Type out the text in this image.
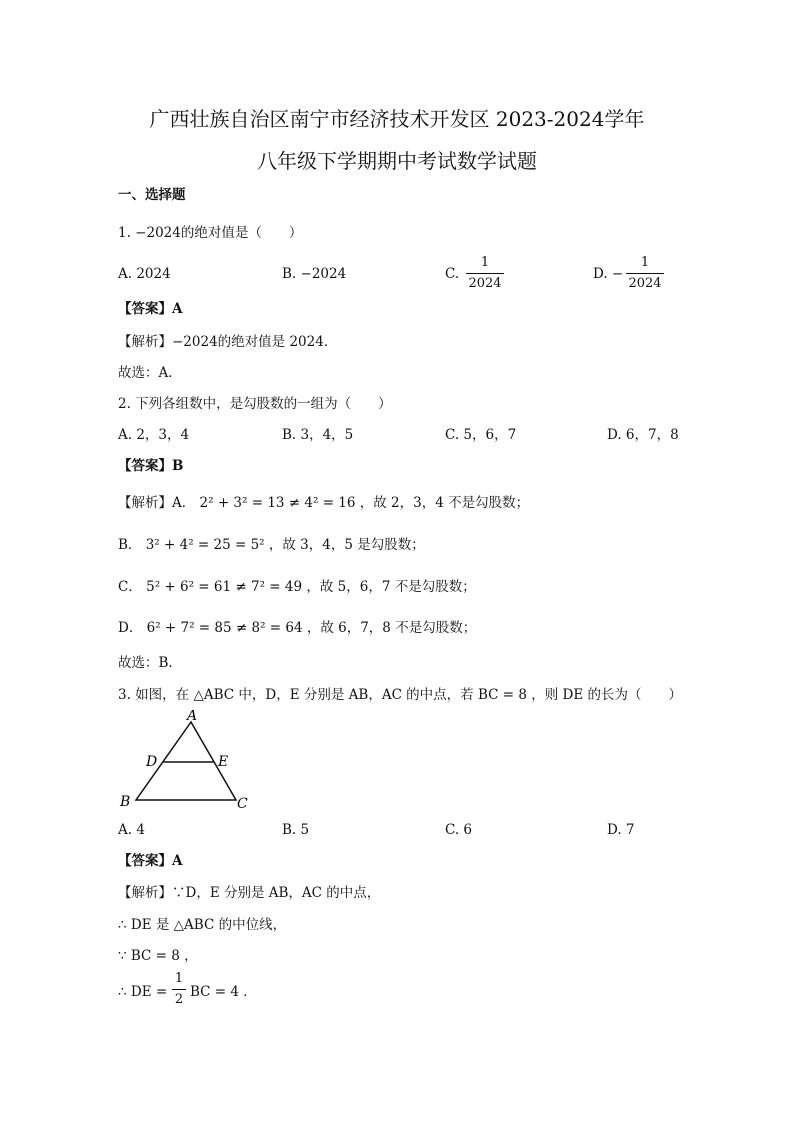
广西壮族自治区南宁市经济技术开发区 2023-2024学年
八年级下学期期中考试数学试题
一、选择题
1. −2024的绝对值是（　　）
A. 2024	B. −2024	C.
1
2024
D. −
1
2024
【答案】A
【解析】−2024的绝对值是 2024．
故选：A．
2. 下列各组数中，是勾股数的一组为（　　）
A. 2，3，4	B. 3，4，5	C. 5，6，7	D. 6，7，8
【答案】B
【解析】A． 2² + 3² = 13 ≠ 4² = 16 ，故 2，3，4 不是勾股数；
B． 3² + 4² = 25 = 5² ，故 3，4，5 是勾股数；
C． 5² + 6² = 61 ≠ 7² = 49 ，故 5，6，7 不是勾股数；
D． 6² + 7² = 85 ≠ 8² = 64 ，故 6，7，8 不是勾股数；
故选：B．
3. 如图，在 △ABC 中，D，E 分别是 AB，AC 的中点，若 BC = 8 ，则 DE 的长为（　　）
A
D	E
B	C
A. 4	B. 5	C. 6	D. 7
【答案】A
【解析】∵D，E 分别是 AB，AC 的中点，
∴ DE 是 △ABC 的中位线，
∵ BC = 8 ，
∴ DE =
1
2 BC = 4 ．
